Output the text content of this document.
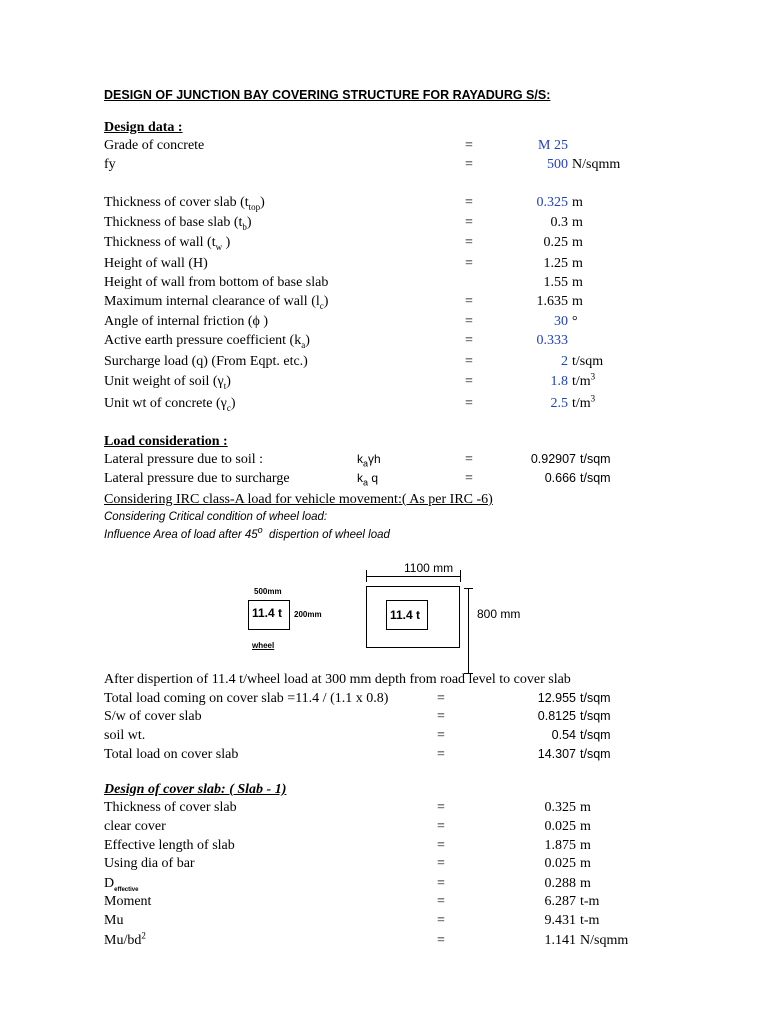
DESIGN OF JUNCTION BAY COVERING STRUCTURE FOR RAYADURG S/S:
Design data :
Grade of concrete	=	M 25
fy	=	500 N/sqmm
Thickness of cover slab $(t_{top})$	=	0.325 m
Thickness of base slab $(t_b)$	=	0.3 m
Thickness of wall ($t_w$ )	=	0.25 m
Height of wall (H)	=	1.25 m
Height of wall from bottom of base slab	1.55 m
Maximum internal clearance of wall $(l_c)$	=	1.635 m
Angle of internal friction (ϕ )	=	30 °
Active earth pressure coefficient $(k_a)$	=	0.333
Surcharge load (q) (From Eqpt. etc.)	=	2 t/sqm
Unit weight of soil $(\gamma_t)$	=	1.8 $t/m^3$
Unit wt of concrete $(\gamma_c)$	=	2.5 $t/m^3$
Load consideration :
Lateral pressure due to soil :	$k_a\gamma h$	=	0.92907 t/sqm
Lateral pressure due to surcharge	$k_a$ q	=	0.666 t/sqm
Considering IRC class-A load for vehicle movement:( As per IRC -6)
Considering Critical condition of wheel load:
Influence Area of load after 45$^o$  dispertion of wheel load
500mm
11.4 t 200mm
wheel
1100 mm
11.4 t	800 mm
After dispertion of 11.4 t/wheel load at 300 mm depth from road level to cover slab
Total load coming on cover slab =11.4 / (1.1 x 0.8)	=	12.955 t/sqm
S/w of cover slab	=	0.8125 t/sqm
soil wt.	=	0.54 t/sqm
Total load on cover slab	=	14.307 t/sqm
Design of cover slab: ( Slab - 1)
Thickness of cover slab	=	0.325 m
clear cover	=	0.025 m
Effective length of slab	=	1.875 m
Using dia of bar	=	0.025 m
$D_{effective}$	=	0.288 m
Moment	=	6.287 t-m
Mu	=	9.431 t-m
$Mu/bd^2$	=	1.141 N/sqmm
